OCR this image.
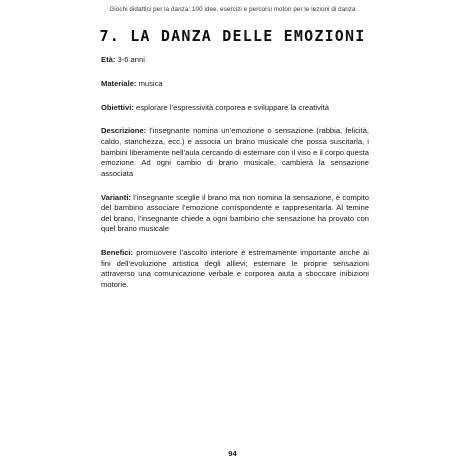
Giochi didattici per la danza: 100 idee, esercizi e percorsi motori per le lezioni di danza
7. LA DANZA DELLE EMOZIONI

Età: 3-6 anni

Materiale: musica

Obiettivi: esplorare l’espressività corporea e sviluppare la creatività

Descrizione: l’insegnante nomina un’emozione o sensazione (rabbia, felicità, caldo, stanchezza, ecc.) e associa un brano musicale che possa suscitarla, i bambini liberamente nell’aula cercando di esternare con il viso e il corpo questa emozione. Ad ogni cambio di brano musicale, cambierà la sensazione associata

Varianti: l’insegnante sceglie il brano ma non nomina la sensazione, è compito del bambino associare l’emozione corrispondente e rappresentarla. Al temine del brano, l’insegnante chiede a ogni bambino che sensazione ha provato con quel brano musicale

Benefici: promuovere l’ascolto interiore è estremamente importante anche ai fini dell’evoluzione artistica degli allievi; esternare le proprie sensazioni attraverso una comunicazione verbale e corporea aiuta a sboccare inibizioni motorie.

94
